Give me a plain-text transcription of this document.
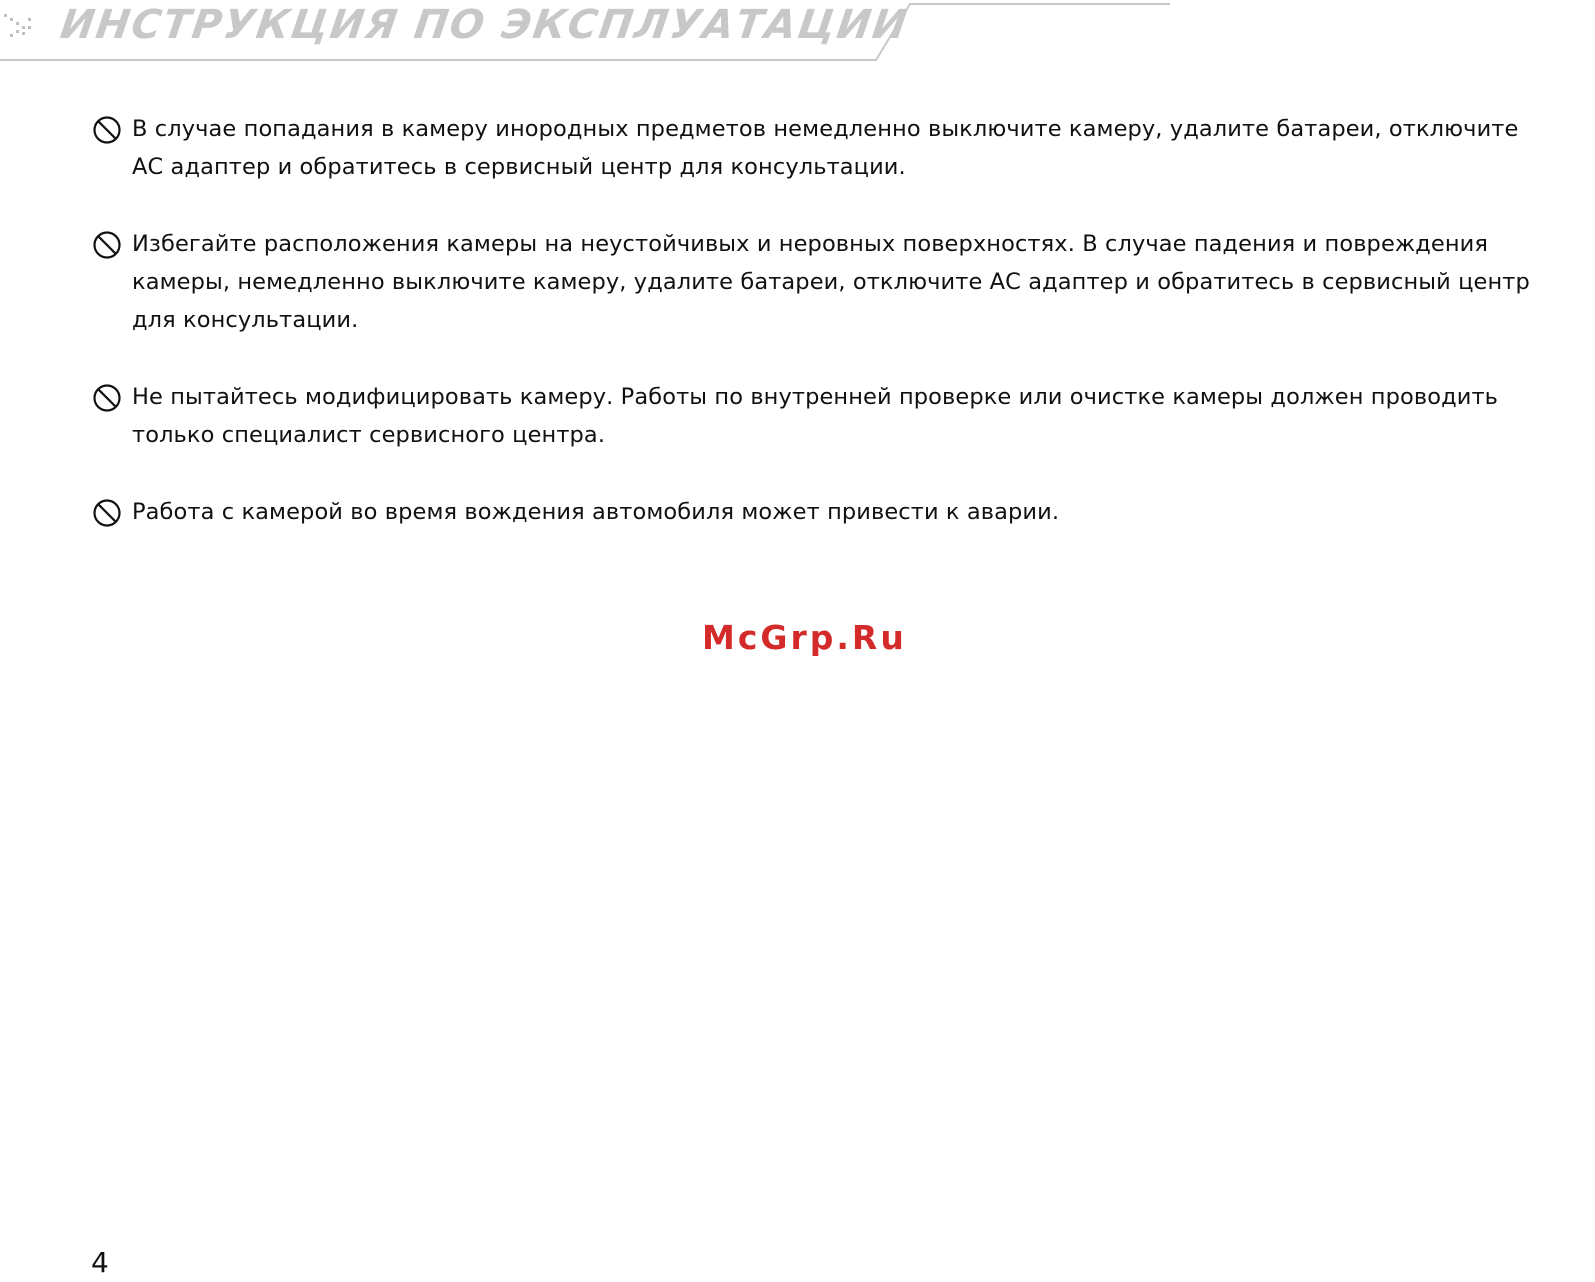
ИНСТРУКЦИЯ ПО ЭКСПЛУАТАЦИИ
В случае попадания в камеру инородных предметов немедленно выключите камеру, удалите батареи, отключите
АС адаптер и обратитесь в сервисный центр для консультации.
Избегайте расположения камеры на неустойчивых и неровных поверхностях. В случае падения и повреждения
камеры, немедленно выключите камеру, удалите батареи, отключите АС адаптер и обратитесь в сервисный центр
для консультации.
Не пытайтесь модифицировать камеру. Работы по внутренней проверке или очистке камеры должен проводить
только специалист сервисного центра.
Работа с камерой во время вождения автомобиля может привести к аварии.
McGrp.Ru
4
